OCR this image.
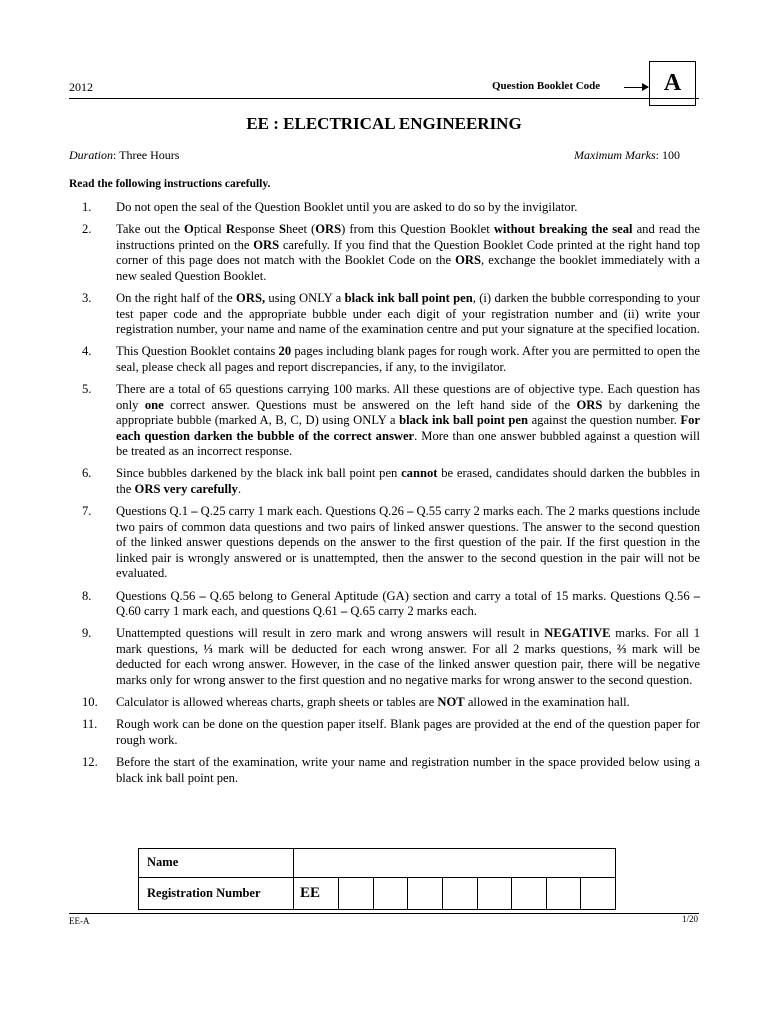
2012	Question Booklet Code	A
EE : ELECTRICAL ENGINEERING
Duration: Three Hours	Maximum Marks: 100
Read the following instructions carefully.
1.	Do not open the seal of the Question Booklet until you are asked to do so by the invigilator.
2.	Take out the Optical Response Sheet (ORS) from this Question Booklet without breaking the seal and read the instructions printed on the ORS carefully. If you find that the Question Booklet Code printed at the right hand top corner of this page does not match with the Booklet Code on the ORS, exchange the booklet immediately with a new sealed Question Booklet.
3.	On the right half of the ORS, using ONLY a black ink ball point pen, (i) darken the bubble corresponding to your test paper code and the appropriate bubble under each digit of your registration number and (ii) write your registration number, your name and name of the examination centre and put your signature at the specified location.
4.	This Question Booklet contains 20 pages including blank pages for rough work. After you are permitted to open the seal, please check all pages and report discrepancies, if any, to the invigilator.
5.	There are a total of 65 questions carrying 100 marks. All these questions are of objective type. Each question has only one correct answer. Questions must be answered on the left hand side of the ORS by darkening the appropriate bubble (marked A, B, C, D) using ONLY a black ink ball point pen against the question number. For each question darken the bubble of the correct answer. More than one answer bubbled against a question will be treated as an incorrect response.
6.	Since bubbles darkened by the black ink ball point pen cannot be erased, candidates should darken the bubbles in the ORS very carefully.
7.	Questions Q.1 – Q.25 carry 1 mark each. Questions Q.26 – Q.55 carry 2 marks each. The 2 marks questions include two pairs of common data questions and two pairs of linked answer questions. The answer to the second question of the linked answer questions depends on the answer to the first question of the pair. If the first question in the linked pair is wrongly answered or is unattempted, then the answer to the second question in the pair will not be evaluated.
8.	Questions Q.56 – Q.65 belong to General Aptitude (GA) section and carry a total of 15 marks. Questions Q.56 – Q.60 carry 1 mark each, and questions Q.61 – Q.65 carry 2 marks each.
9.	Unattempted questions will result in zero mark and wrong answers will result in NEGATIVE marks. For all 1 mark questions, ⅓ mark will be deducted for each wrong answer. For all 2 marks questions, ⅔ mark will be deducted for each wrong answer. However, in the case of the linked answer question pair, there will be negative marks only for wrong answer to the first question and no negative marks for wrong answer to the second question.
10.	Calculator is allowed whereas charts, graph sheets or tables are NOT allowed in the examination hall.
11.	Rough work can be done on the question paper itself. Blank pages are provided at the end of the question paper for rough work.
12.	Before the start of the examination, write your name and registration number in the space provided below using a black ink ball point pen.
Name									
Registration Number	EE								
EE-A	1/20
